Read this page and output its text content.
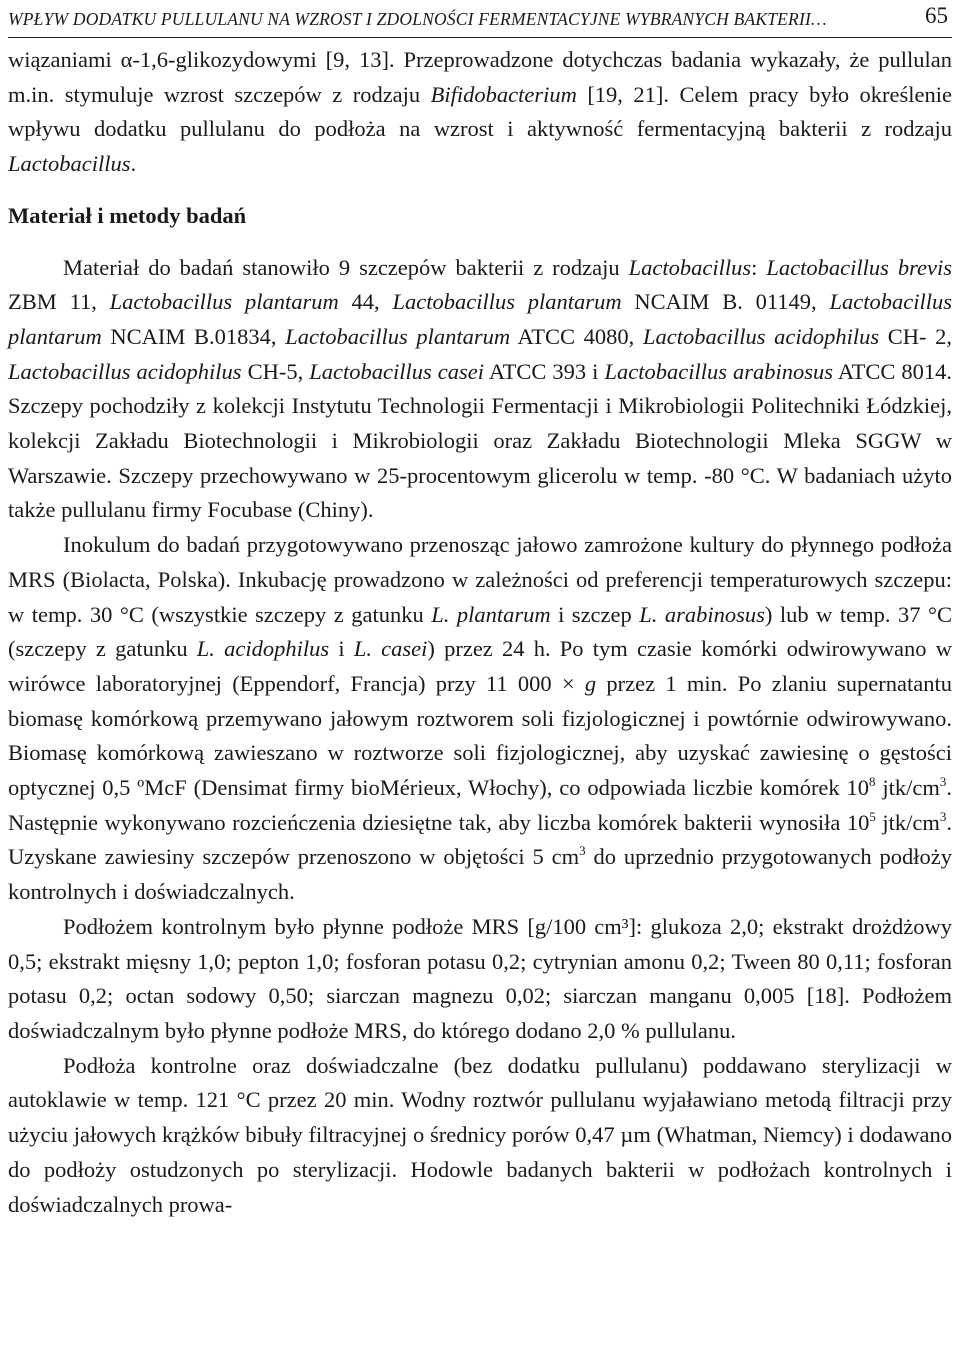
WPŁYW DODATKU PULLULANU NA WZROST I ZDOLNOŚCI FERMENTACYJNE WYBRANYCH BAKTERII…	65

wiązaniami α-1,6-glikozydowymi [9, 13]. Przeprowadzone dotychczas badania wykazały, że pullulan m.in. stymuluje wzrost szczepów z rodzaju Bifidobacterium [19, 21]. Celem pracy było określenie wpływu dodatku pullulanu do podłoża na wzrost i aktywność fermentacyjną bakterii z rodzaju Lactobacillus.

Materiał i metody badań

Materiał do badań stanowiło 9 szczepów bakterii z rodzaju Lactobacillus: Lactobacillus brevis ZBM 11, Lactobacillus plantarum 44, Lactobacillus plantarum NCAIM B. 01149, Lactobacillus plantarum NCAIM B.01834, Lactobacillus plantarum ATCC 4080, Lactobacillus acidophilus CH- 2, Lactobacillus acidophilus CH-5, Lactobacillus casei ATCC 393 i Lactobacillus arabinosus ATCC 8014. Szczepy pochodziły z kolekcji Instytutu Technologii Fermentacji i Mikrobiologii Politechniki Łódzkiej, kolekcji Zakładu Biotechnologii i Mikrobiologii oraz Zakładu Biotechnologii Mleka SGGW w Warszawie. Szczepy przechowywano w 25-procentowym glicerolu w temp. -80 °C. W badaniach użyto także pullulanu firmy Focubase (Chiny).

Inokulum do badań przygotowywano przenosząc jałowo zamrożone kultury do płynnego podłoża MRS (Biolacta, Polska). Inkubację prowadzono w zależności od preferencji temperaturowych szczepu: w temp. 30 °C (wszystkie szczepy z gatunku L. plantarum i szczep L. arabinosus) lub w temp. 37 °C (szczepy z gatunku L. acidophilus i L. casei) przez 24 h. Po tym czasie komórki odwirowywano w wirówce laboratoryjnej (Eppendorf, Francja) przy 11 000 × g przez 1 min. Po zlaniu supernatantu biomasę komórkową przemywano jałowym roztworem soli fizjologicznej i powtórnie odwirowywano. Biomasę komórkową zawieszano w roztworze soli fizjologicznej, aby uzyskać zawiesinę o gęstości optycznej 0,5 ºMcF (Densimat firmy bioMérieux, Włochy), co odpowiada liczbie komórek $10^8$ jtk/$cm^3$. Następnie wykonywano rozcieńczenia dziesiętne tak, aby liczba komórek bakterii wynosiła $10^5$ jtk/$cm^3$. Uzyskane zawiesiny szczepów przenoszono w objętości 5 $cm^3$ do uprzednio przygotowanych podłoży kontrolnych i doświadczalnych.

Podłożem kontrolnym było płynne podłoże MRS [g/100 cm³]: glukoza 2,0; ekstrakt drożdżowy 0,5; ekstrakt mięsny 1,0; pepton 1,0; fosforan potasu 0,2; cytrynian amonu 0,2; Tween 80 0,11; fosforan potasu 0,2; octan sodowy 0,50; siarczan magnezu 0,02; siarczan manganu 0,005 [18]. Podłożem doświadczalnym było płynne podłoże MRS, do którego dodano 2,0 % pullulanu.

Podłoża kontrolne oraz doświadczalne (bez dodatku pullulanu) poddawano sterylizacji w autoklawie w temp. 121 °C przez 20 min. Wodny roztwór pullulanu wyjaławiano metodą filtracji przy użyciu jałowych krążków bibuły filtracyjnej o średnicy porów 0,47 µm (Whatman, Niemcy) i dodawano do podłoży ostudzonych po sterylizacji. Hodowle badanych bakterii w podłożach kontrolnych i doświadczalnych prowa-
